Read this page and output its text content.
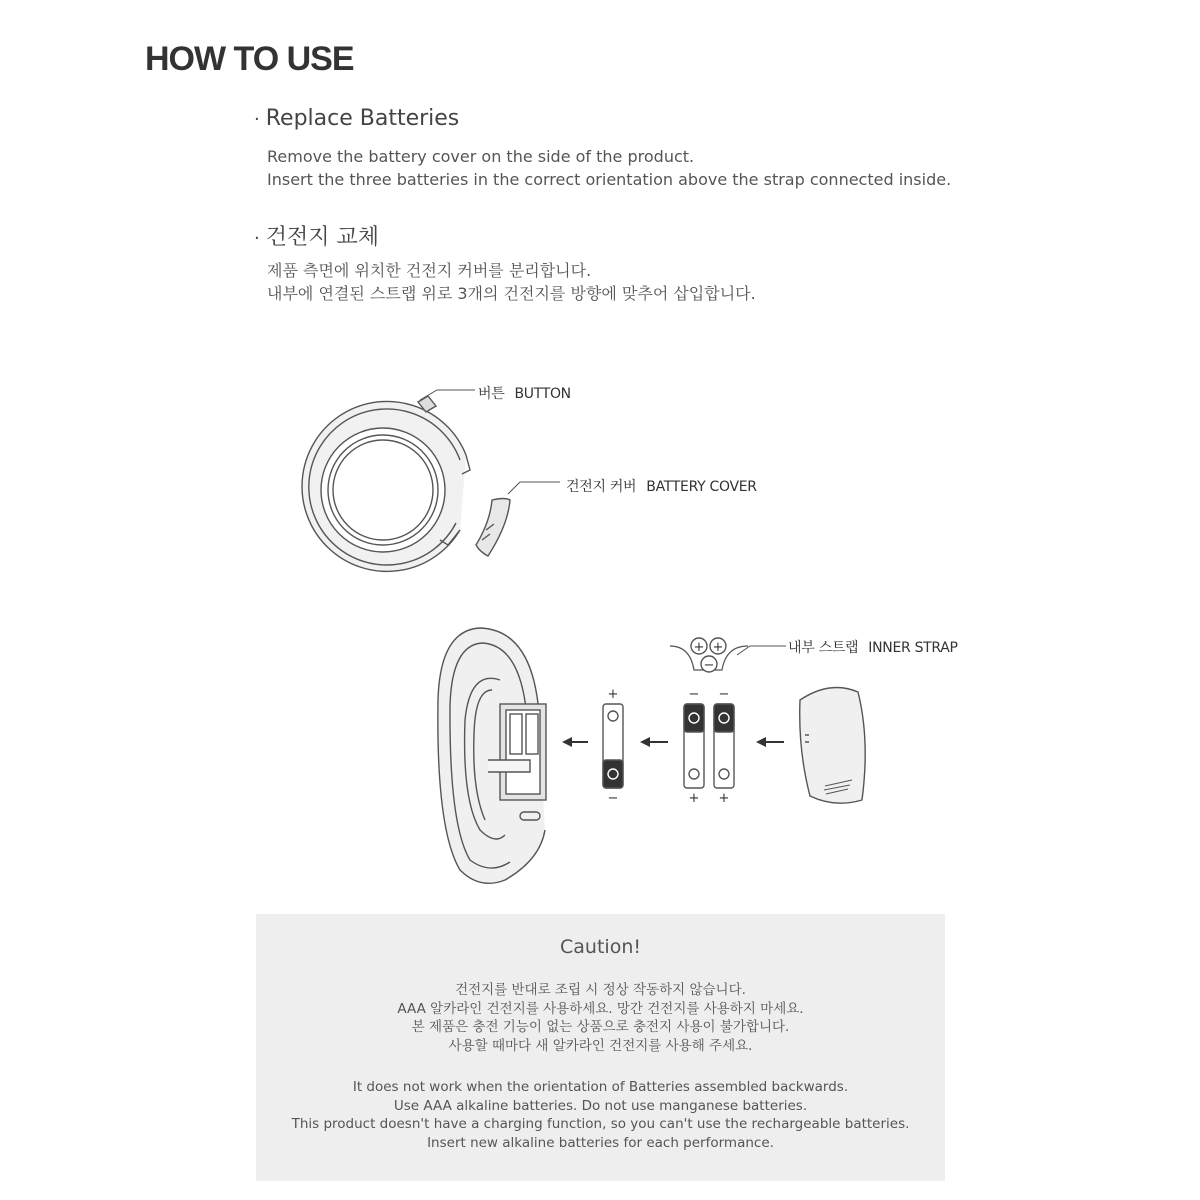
HOW TO USE
· Replace Batteries
Remove the battery cover on the side of the product.
Insert the three batteries in the correct orientation above the strap connected inside.
· 건전지 교체
제품 측면에 위치한 건전지 커버를 분리합니다.
내부에 연결된 스트랩 위로 3개의 건전지를 방향에 맞추어 삽입합니다.
+ +
−
+
−
− −
+ +
버튼 BUTTON
건전지 커버 BATTERY COVER
내부 스트랩 INNER STRAP
Caution!
건전지를 반대로 조립 시 정상 작동하지 않습니다.
AAA 알카라인 건전지를 사용하세요. 망간 건전지를 사용하지 마세요.
본 제품은 충전 기능이 없는 상품으로 충전지 사용이 불가합니다.
사용할 때마다 새 알카라인 건전지를 사용해 주세요.
It does not work when the orientation of Batteries assembled backwards.
Use AAA alkaline batteries. Do not use manganese batteries.
This product doesn't have a charging function, so you can't use the rechargeable batteries.
Insert new alkaline batteries for each performance.
